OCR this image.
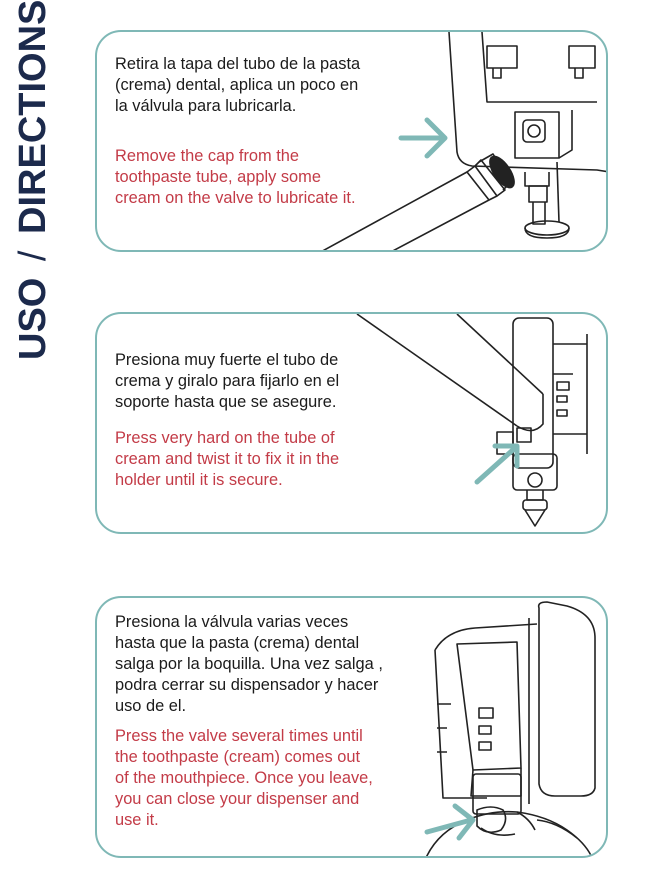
USO / DIRECTIONS	Retira la tapa del tubo de la pasta
(crema) dental, aplica un poco en
la válvula para lubricarla.
Remove the cap from the
toothpaste tube, apply some
cream on the valve to lubricate it.
Presiona muy fuerte el tubo de
crema y giralo para fijarlo en el
soporte hasta que se asegure.
Press very hard on the tube of
cream and twist it to fix it in the
holder until it is secure.
Presiona la válvula varias veces
hasta que la pasta (crema) dental
salga por la boquilla. Una vez salga ,
podra cerrar su dispensador y hacer
uso de el.
Press the valve several times until
the toothpaste (cream) comes out
of the mouthpiece. Once you leave,
you can close your dispenser and
use it.
